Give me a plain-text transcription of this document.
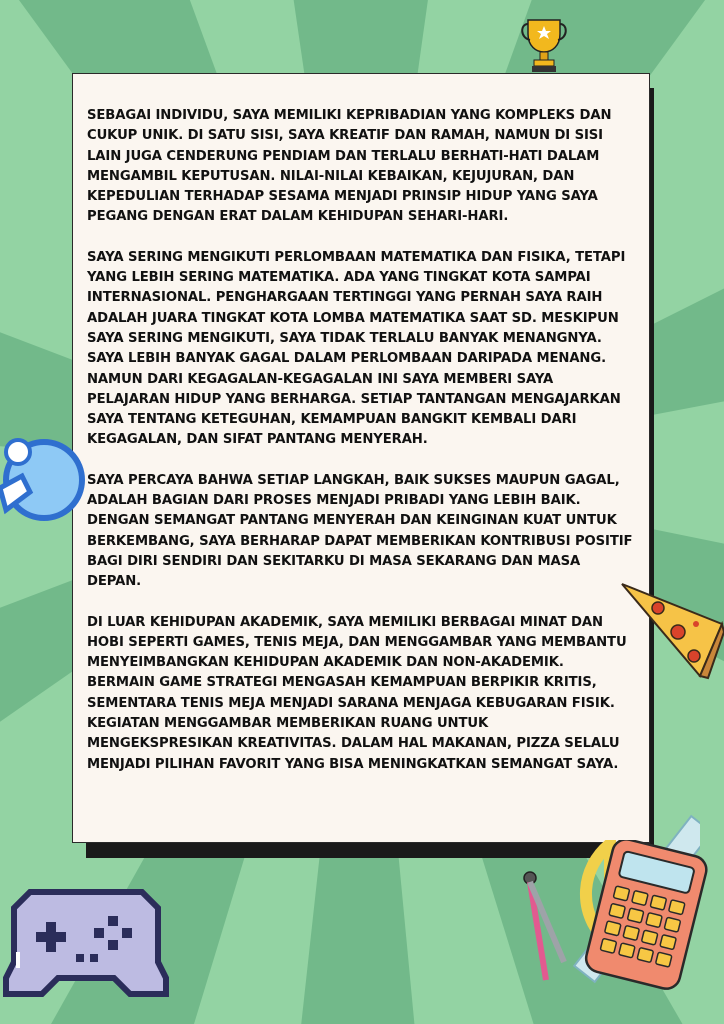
SEBAGAI INDIVIDU, SAYA MEMILIKI KEPRIBADIAN YANG KOMPLEKS DAN CUKUP UNIK. DI SATU SISI, SAYA KREATIF DAN RAMAH, NAMUN DI SISI LAIN JUGA CENDERUNG PENDIAM DAN TERLALU BERHATI-HATI DALAM MENGAMBIL KEPUTUSAN. NILAI-NILAI KEBAIKAN, KEJUJURAN, DAN KEPEDULIAN TERHADAP SESAMA MENJADI PRINSIP HIDUP YANG SAYA PEGANG DENGAN ERAT DALAM KEHIDUPAN SEHARI-HARI.

SAYA SERING MENGIKUTI PERLOMBAAN MATEMATIKA DAN FISIKA, TETAPI YANG LEBIH SERING MATEMATIKA. ADA YANG TINGKAT KOTA SAMPAI INTERNASIONAL. PENGHARGAAN TERTINGGI YANG PERNAH SAYA RAIH ADALAH JUARA TINGKAT KOTA LOMBA MATEMATIKA SAAT SD. MESKIPUN SAYA SERING MENGIKUTI, SAYA TIDAK TERLALU BANYAK MENANGNYA. SAYA LEBIH BANYAK GAGAL DALAM PERLOMBAAN DARIPADA MENANG. NAMUN DARI KEGAGALAN-KEGAGALAN INI SAYA MEMBERI SAYA PELAJARAN HIDUP YANG BERHARGA. SETIAP TANTANGAN MENGAJARKAN SAYA TENTANG KETEGUHAN, KEMAMPUAN BANGKIT KEMBALI DARI KEGAGALAN, DAN SIFAT PANTANG MENYERAH.

SAYA PERCAYA BAHWA SETIAP LANGKAH, BAIK SUKSES MAUPUN GAGAL, ADALAH BAGIAN DARI PROSES MENJADI PRIBADI YANG LEBIH BAIK. DENGAN SEMANGAT PANTANG MENYERAH DAN KEINGINAN KUAT UNTUK BERKEMBANG, SAYA BERHARAP DAPAT MEMBERIKAN KONTRIBUSI POSITIF BAGI DIRI SENDIRI DAN SEKITARKU DI MASA SEKARANG DAN MASA DEPAN.

DI LUAR KEHIDUPAN AKADEMIK, SAYA MEMILIKI BERBAGAI MINAT DAN HOBI SEPERTI GAMES, TENIS MEJA, DAN MENGGAMBAR YANG MEMBANTU MENYEIMBANGKAN KEHIDUPAN AKADEMIK DAN NON-AKADEMIK. BERMAIN GAME STRATEGI MENGASAH KEMAMPUAN BERPIKIR KRITIS, SEMENTARA TENIS MEJA MENJADI SARANA MENJAGA KEBUGARAN FISIK. KEGIATAN MENGGAMBAR MEMBERIKAN RUANG UNTUK MENGEKSPRESIKAN KREATIVITAS. DALAM HAL MAKANAN, PIZZA SELALU MENJADI PILIHAN FAVORIT YANG BISA MENINGKATKAN SEMANGAT SAYA.
